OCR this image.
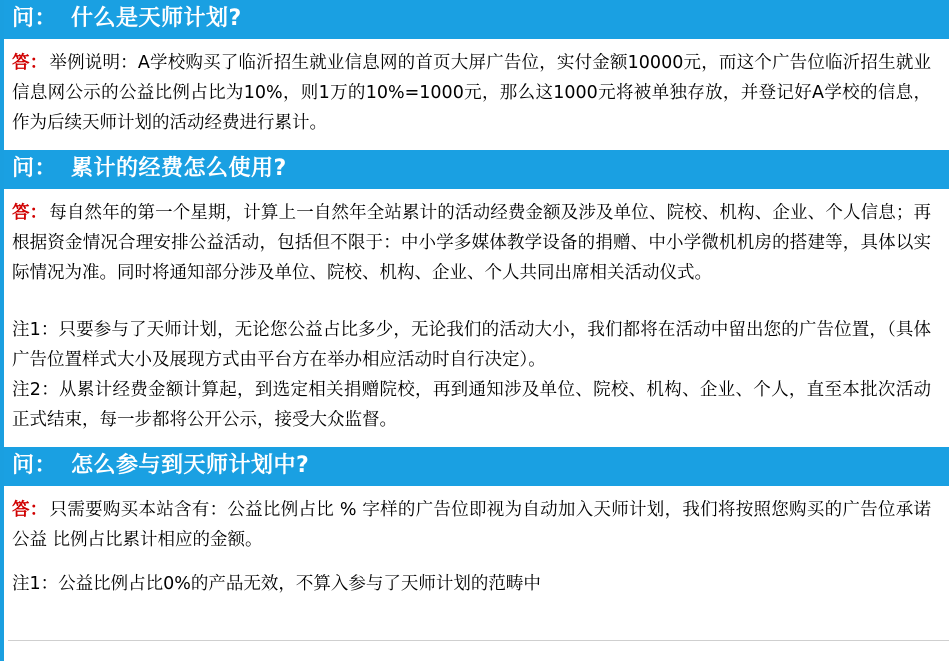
问： 什么是天师计划?

答： 举例说明：A学校购买了临沂招生就业信息网的首页大屏广告位，实付金额10000元，而这个广告位临沂招生就业信息网公示的公益比例占比为10%，则1万的10%=1000元，那么这1000元将被单独存放，并登记好A学校的信息，作为后续天师计划的活动经费进行累计。

问： 累计的经费怎么使用?

答： 每自然年的第一个星期，计算上一自然年全站累计的活动经费金额及涉及单位、院校、机构、企业、个人信息；再根据资金情况合理安排公益活动，包括但不限于：中小学多媒体教学设备的捐赠、中小学微机机房的搭建等，具体以实际情况为准。同时将通知部分涉及单位、院校、机构、企业、个人共同出席相关活动仪式。

注1：只要参与了天师计划，无论您公益占比多少，无论我们的活动大小，我们都将在活动中留出您的广告位置，（具体广告位置样式大小及展现方式由平台方在举办相应活动时自行决定）。

注2：从累计经费金额计算起，到选定相关捐赠院校，再到通知涉及单位、院校、机构、企业、个人，直至本批次活动正式结束，每一步都将公开公示，接受大众监督。

问： 怎么参与到天师计划中?

答： 只需要购买本站含有：公益比例占比 % 字样的广告位即视为自动加入天师计划，我们将按照您购买的广告位承诺公益 比例占比累计相应的金额。

注1：公益比例占比0%的产品无效，不算入参与了天师计划的范畴中
